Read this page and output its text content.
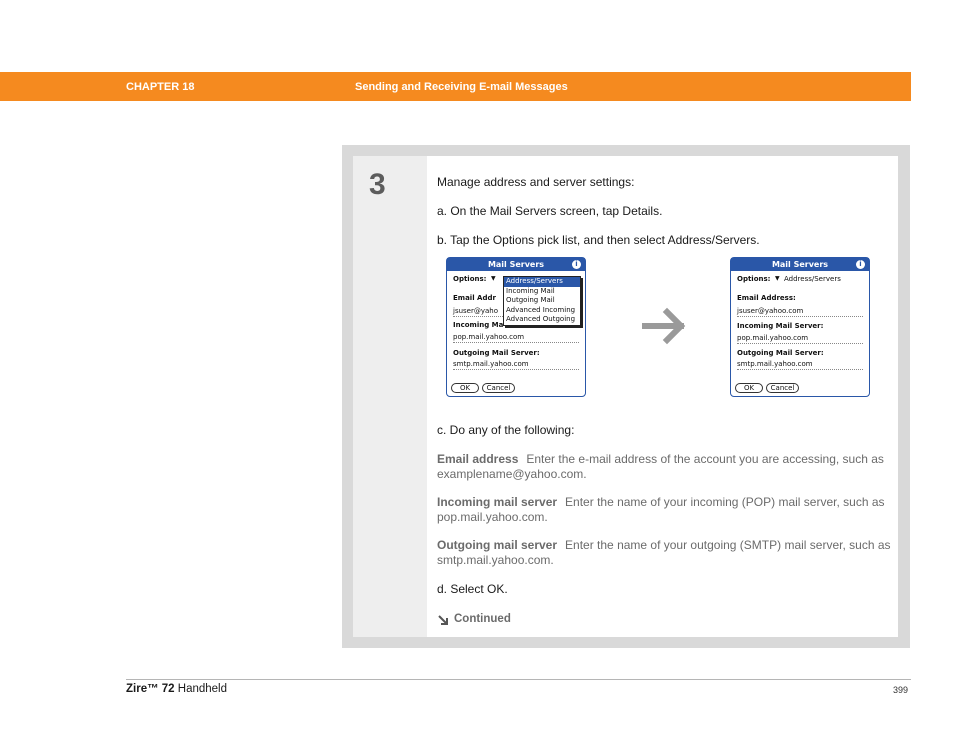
CHAPTER 18	Sending and Receiving E-mail Messages
3	Manage address and server settings:
a. On the Mail Servers screen, tap Details.
b. Tap the Options pick list, and then select Address/Servers.
Mail Servers	i
Options: ▼
Email Addr
jsuser@yaho
Incoming Ma
pop.mail.yahoo.com
Outgoing Mail Server:
smtp.mail.yahoo.com
OK	Cancel
Address/Servers
Incoming Mail
Outgoing Mail
Advanced Incoming
Advanced Outgoing
Mail Servers	i
Options: ▼ Address/Servers
Email Address:
jsuser@yahoo.com
Incoming Mail Server:
pop.mail.yahoo.com
Outgoing Mail Server:
smtp.mail.yahoo.com
OK	Cancel
c. Do any of the following:
Email address Enter the e-mail address of the account you are accessing, such as examplename@yahoo.com.
Incoming mail server Enter the name of your incoming (POP) mail server, such as pop.mail.yahoo.com.
Outgoing mail server Enter the name of your outgoing (SMTP) mail server, such as smtp.mail.yahoo.com.
d. Select OK.
Continued
Zire™ 72 Handheld	399
